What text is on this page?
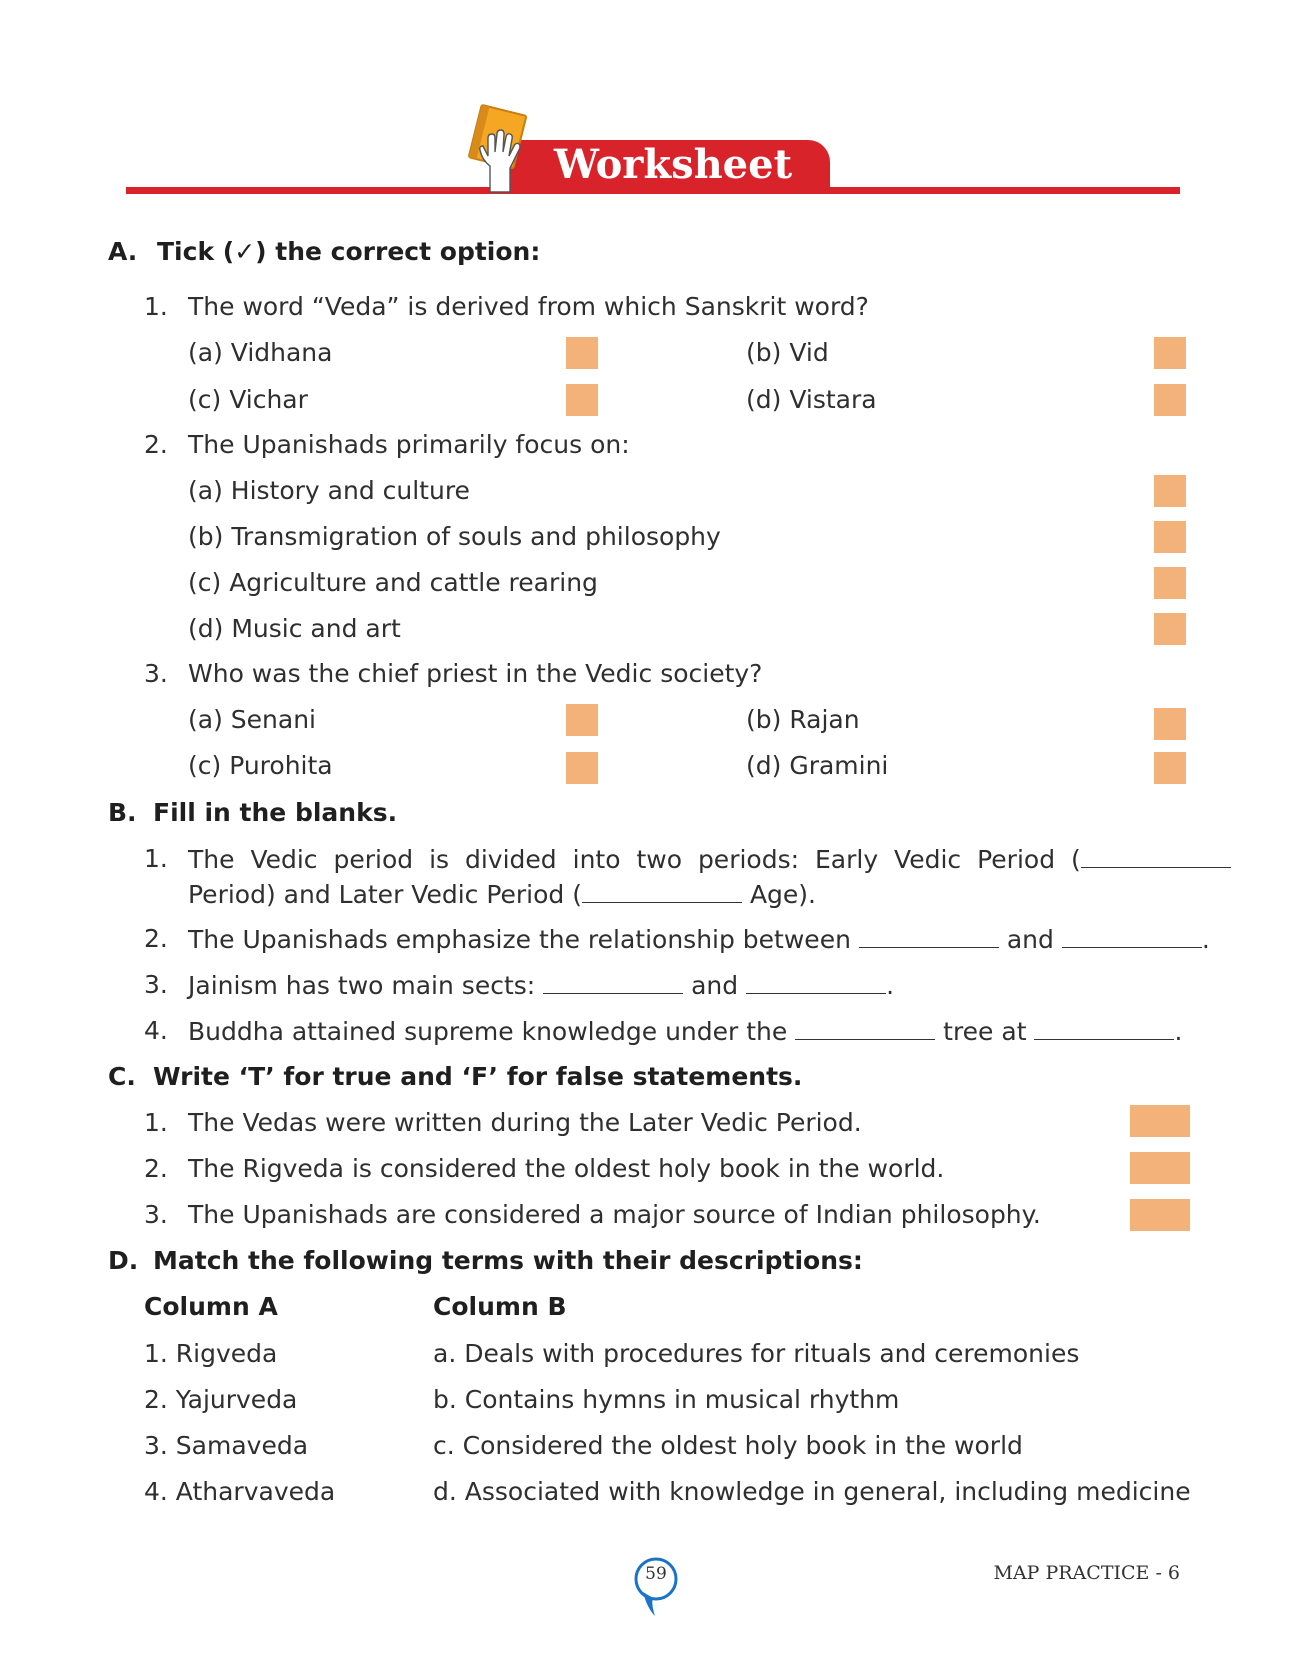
Worksheet
A. Tick (✓) the correct option:
1. The word “Veda” is derived from which Sanskrit word?
(a) Vidhana	(b) Vid
(c) Vichar	(d) Vistara
2. The Upanishads primarily focus on:
(a) History and culture
(b) Transmigration of souls and philosophy
(c) Agriculture and cattle rearing
(d) Music and art
3. Who was the chief priest in the Vedic society?
(a) Senani	(b) Rajan
(c) Purohita	(d) Gramini
B. Fill in the blanks.
1. The Vedic period is divided into two periods: Early Vedic Period (
Period) and Later Vedic Period (	Age).
2. The Upanishads emphasize the relationship between	and	.
3. Jainism has two main sects:	and	.
4. Buddha attained supreme knowledge under the	tree at	.
C. Write ‘T’ for true and ‘F’ for false statements.
1. The Vedas were written during the Later Vedic Period.
2. The Rigveda is considered the oldest holy book in the world.
3. The Upanishads are considered a major source of Indian philosophy.
D. Match the following terms with their descriptions:
Column A	Column B
1. Rigveda	a. Deals with procedures for rituals and ceremonies
2. Yajurveda	b. Contains hymns in musical rhythm
3. Samaveda	c. Considered the oldest holy book in the world
4. Atharvaveda	d. Associated with knowledge in general, including medicine
59	MAP PRACTICE - 6
